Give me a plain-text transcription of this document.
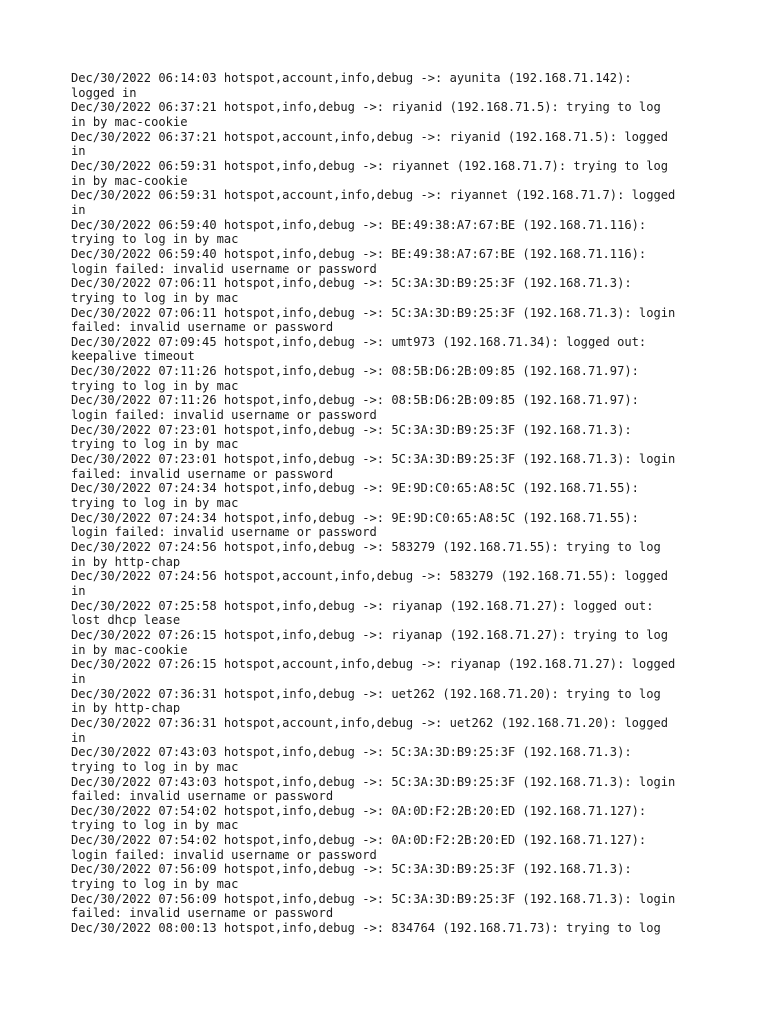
Dec/30/2022 06:14:03 hotspot,account,info,debug ->: ayunita (192.168.71.142):
logged in
Dec/30/2022 06:37:21 hotspot,info,debug ->: riyanid (192.168.71.5): trying to log
in by mac-cookie
Dec/30/2022 06:37:21 hotspot,account,info,debug ->: riyanid (192.168.71.5): logged
in
Dec/30/2022 06:59:31 hotspot,info,debug ->: riyannet (192.168.71.7): trying to log
in by mac-cookie
Dec/30/2022 06:59:31 hotspot,account,info,debug ->: riyannet (192.168.71.7): logged
in
Dec/30/2022 06:59:40 hotspot,info,debug ->: BE:49:38:A7:67:BE (192.168.71.116):
trying to log in by mac
Dec/30/2022 06:59:40 hotspot,info,debug ->: BE:49:38:A7:67:BE (192.168.71.116):
login failed: invalid username or password
Dec/30/2022 07:06:11 hotspot,info,debug ->: 5C:3A:3D:B9:25:3F (192.168.71.3):
trying to log in by mac
Dec/30/2022 07:06:11 hotspot,info,debug ->: 5C:3A:3D:B9:25:3F (192.168.71.3): login
failed: invalid username or password
Dec/30/2022 07:09:45 hotspot,info,debug ->: umt973 (192.168.71.34): logged out:
keepalive timeout
Dec/30/2022 07:11:26 hotspot,info,debug ->: 08:5B:D6:2B:09:85 (192.168.71.97):
trying to log in by mac
Dec/30/2022 07:11:26 hotspot,info,debug ->: 08:5B:D6:2B:09:85 (192.168.71.97):
login failed: invalid username or password
Dec/30/2022 07:23:01 hotspot,info,debug ->: 5C:3A:3D:B9:25:3F (192.168.71.3):
trying to log in by mac
Dec/30/2022 07:23:01 hotspot,info,debug ->: 5C:3A:3D:B9:25:3F (192.168.71.3): login
failed: invalid username or password
Dec/30/2022 07:24:34 hotspot,info,debug ->: 9E:9D:C0:65:A8:5C (192.168.71.55):
trying to log in by mac
Dec/30/2022 07:24:34 hotspot,info,debug ->: 9E:9D:C0:65:A8:5C (192.168.71.55):
login failed: invalid username or password
Dec/30/2022 07:24:56 hotspot,info,debug ->: 583279 (192.168.71.55): trying to log
in by http-chap
Dec/30/2022 07:24:56 hotspot,account,info,debug ->: 583279 (192.168.71.55): logged
in
Dec/30/2022 07:25:58 hotspot,info,debug ->: riyanap (192.168.71.27): logged out:
lost dhcp lease
Dec/30/2022 07:26:15 hotspot,info,debug ->: riyanap (192.168.71.27): trying to log
in by mac-cookie
Dec/30/2022 07:26:15 hotspot,account,info,debug ->: riyanap (192.168.71.27): logged
in
Dec/30/2022 07:36:31 hotspot,info,debug ->: uet262 (192.168.71.20): trying to log
in by http-chap
Dec/30/2022 07:36:31 hotspot,account,info,debug ->: uet262 (192.168.71.20): logged
in
Dec/30/2022 07:43:03 hotspot,info,debug ->: 5C:3A:3D:B9:25:3F (192.168.71.3):
trying to log in by mac
Dec/30/2022 07:43:03 hotspot,info,debug ->: 5C:3A:3D:B9:25:3F (192.168.71.3): login
failed: invalid username or password
Dec/30/2022 07:54:02 hotspot,info,debug ->: 0A:0D:F2:2B:20:ED (192.168.71.127):
trying to log in by mac
Dec/30/2022 07:54:02 hotspot,info,debug ->: 0A:0D:F2:2B:20:ED (192.168.71.127):
login failed: invalid username or password
Dec/30/2022 07:56:09 hotspot,info,debug ->: 5C:3A:3D:B9:25:3F (192.168.71.3):
trying to log in by mac
Dec/30/2022 07:56:09 hotspot,info,debug ->: 5C:3A:3D:B9:25:3F (192.168.71.3): login
failed: invalid username or password
Dec/30/2022 08:00:13 hotspot,info,debug ->: 834764 (192.168.71.73): trying to log
